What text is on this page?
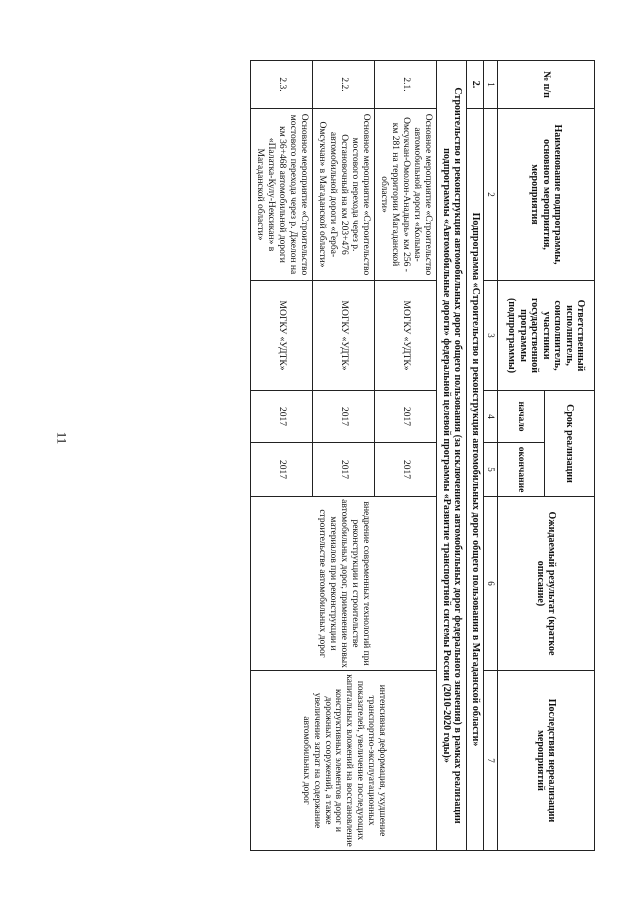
11
№ п/п	Наименование подпрограммы, основного мероприятия, мероприятия	Ответственный исполнитель, соисполнитель, участники государственной программы (подпрограммы)	Срок реализации		Ожидаемый результат (краткое описание)	Последствия нереализации мероприятий
			начало	окончание		
1	2	3	4	5	6	7
2.	Подпрограмма «Строительство и реконструкция автомобильных дорог общего пользования в Магаданской области»					
Строительство и реконструкция автомобильных дорог общего пользования (за исключением автомобильных дорог федерального значения) в рамках реализации подпрограммы «Автомобильные дороги» федеральной целевой программы «Развитие транспортной системы России (2010-2020 годы)»						
2.1.	Основное мероприятие «Строительство автомобильной дороги «Колыма-Омсукчан-Омолон-Анадырь» км 256 - км 281 на территории Магаданской области»	МОГКУ «УДТК»	2017	2017	внедрение современных технологий при реконструкции и строительстве автомобильных дорог, применение новых материалов при реконструкции и строительстве автомобильных дорог	интенсивная деформация, ухудшение транспортно-эксплуатационных показателей, увеличение последующих капитальных вложений на восстановление конструктивных элементов дорог и дорожных сооружений, а также увеличение затрат на содержание автомобильных дорог
2.2.	Основное мероприятие «Строительство мостового перехода через р. Остановочный на км 203+476 автомобильной дороги «Герба-Омсукчан» в Магаданской области»	МОГКУ «УДТК»	2017	2017		
2.3.	Основное мероприятие «Строительство мостового перехода через р. Джелон на км 36+468 автомобильной дороги «Палатка-Кулу-Нексикан» в Магаданской области»	МОГКУ «УДТК»	2017	2017		
